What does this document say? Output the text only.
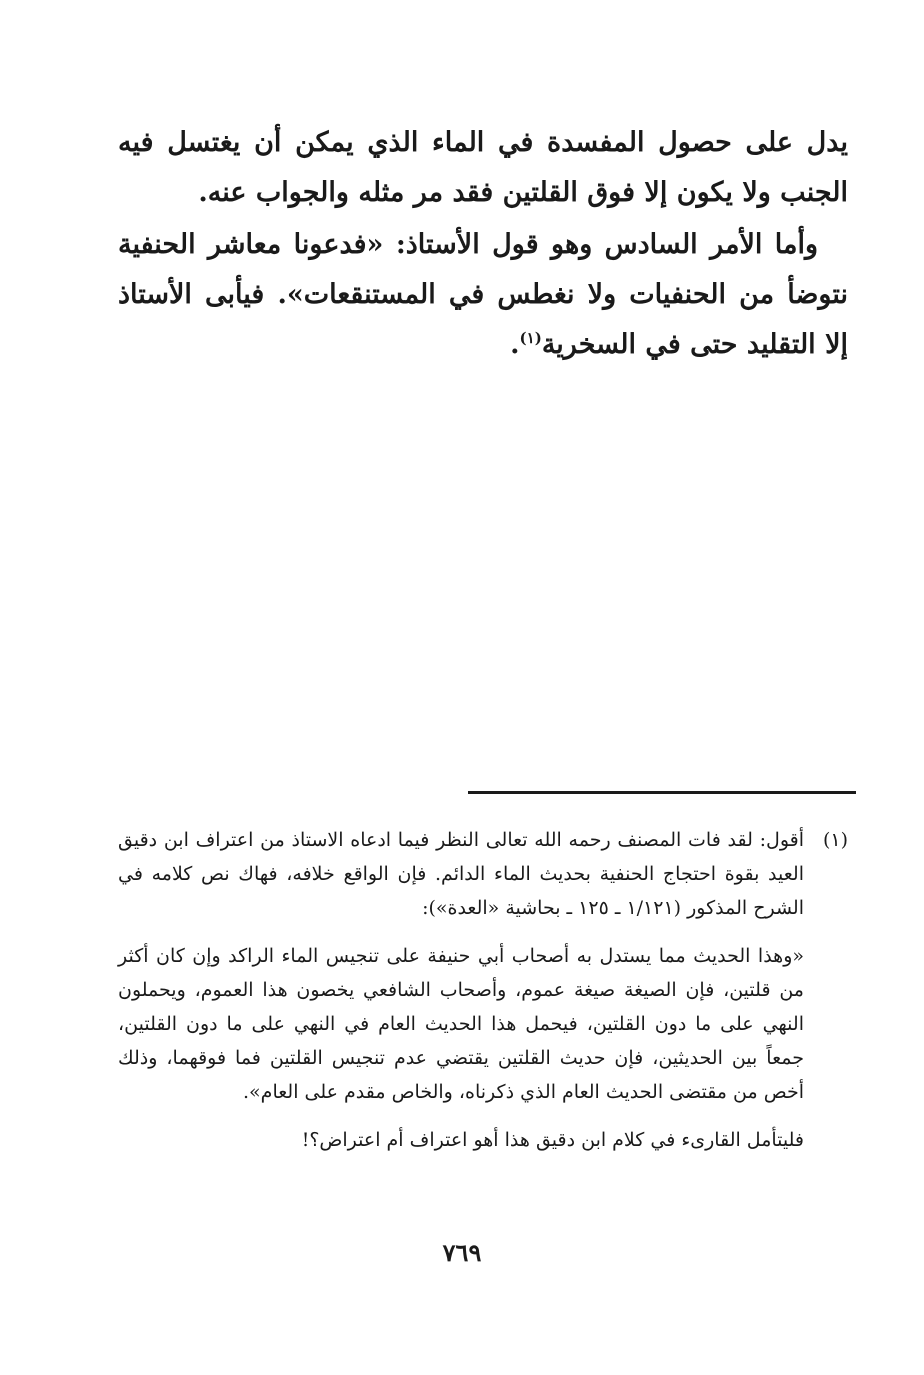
يدل على حصول المفسدة في الماء الذي يمكن أن يغتسل فيه الجنب ولا يكون إلا فوق القلتين فقد مر مثله والجواب عنه.

وأما الأمر السادس وهو قول الأستاذ: «فدعونا معاشر الحنفية نتوضأ من الحنفيات ولا نغطس في المستنقعات». فيأبى الأستاذ إلا التقليد حتى في السخرية$^{(١)}$.

(١)
أقول: لقد فات المصنف رحمه الله تعالى النظر فيما ادعاه الاستاذ من اعتراف ابن دقيق العيد بقوة احتجاج الحنفية بحديث الماء الدائم. فإن الواقع خلافه، فهاك نص كلامه في الشرح المذكور (١/١٢١ ـ ١٢٥ ـ بحاشية «العدة»):

«وهذا الحديث مما يستدل به أصحاب أبي حنيفة على تنجيس الماء الراكد وإن كان أكثر من قلتين، فإن الصيغة صيغة عموم، وأصحاب الشافعي يخصون هذا العموم، ويحملون النهي على ما دون القلتين، فيحمل هذا الحديث العام في النهي على ما دون القلتين، جمعاً بين الحديثين، فإن حديث القلتين يقتضي عدم تنجيس القلتين فما فوقهما، وذلك أخص من مقتضى الحديث العام الذي ذكرناه، والخاص مقدم على العام».

فليتأمل القارىء في كلام ابن دقيق هذا أهو اعتراف أم اعتراض؟!

٧٦٩
